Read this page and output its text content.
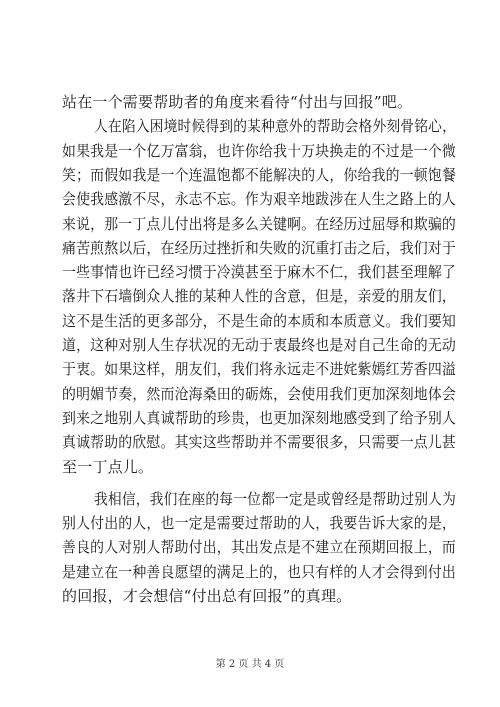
站在一个需要帮助者的角度来看待“付出与回报”吧。
人在陷入困境时候得到的某种意外的帮助会格外刻骨铭心，
如果我是一个亿万富翁，也许你给我十万块换走的不过是一个微
笑；而假如我是一个连温饱都不能解决的人，你给我的一顿饱餐
会使我感激不尽，永志不忘。作为艰辛地跋涉在人生之路上的人
来说，那一丁点儿付出将是多么关键啊。在经历过屈辱和欺骗的
痛苦煎熬以后，在经历过挫折和失败的沉重打击之后，我们对于
一些事情也许已经习惯于冷漠甚至于麻木不仁，我们甚至理解了
落井下石墙倒众人推的某种人性的含意，但是，亲爱的朋友们，
这不是生活的更多部分，不是生命的本质和本质意义。我们要知
道，这种对别人生存状况的无动于衷最终也是对自己生命的无动
于衷。如果这样，朋友们，我们将永远走不进姹紫嫣红芳香四溢
的明媚节奏，然而沧海桑田的砺炼，会使用我们更加深刻地体会
到来之地别人真诚帮助的珍贵，也更加深刻地感受到了给予别人
真诚帮助的欣慰。其实这些帮助并不需要很多，只需要一点儿甚
至一丁点儿。
我相信，我们在座的每一位都一定是或曾经是帮助过别人为
别人付出的人，也一定是需要过帮助的人，我要告诉大家的是，
善良的人对别人帮助付出，其出发点是不建立在预期回报上，而
是建立在一种善良愿望的满足上的，也只有样的人才会得到付出
的回报，才会想信“付出总有回报”的真理。
第 2 页 共 4 页
